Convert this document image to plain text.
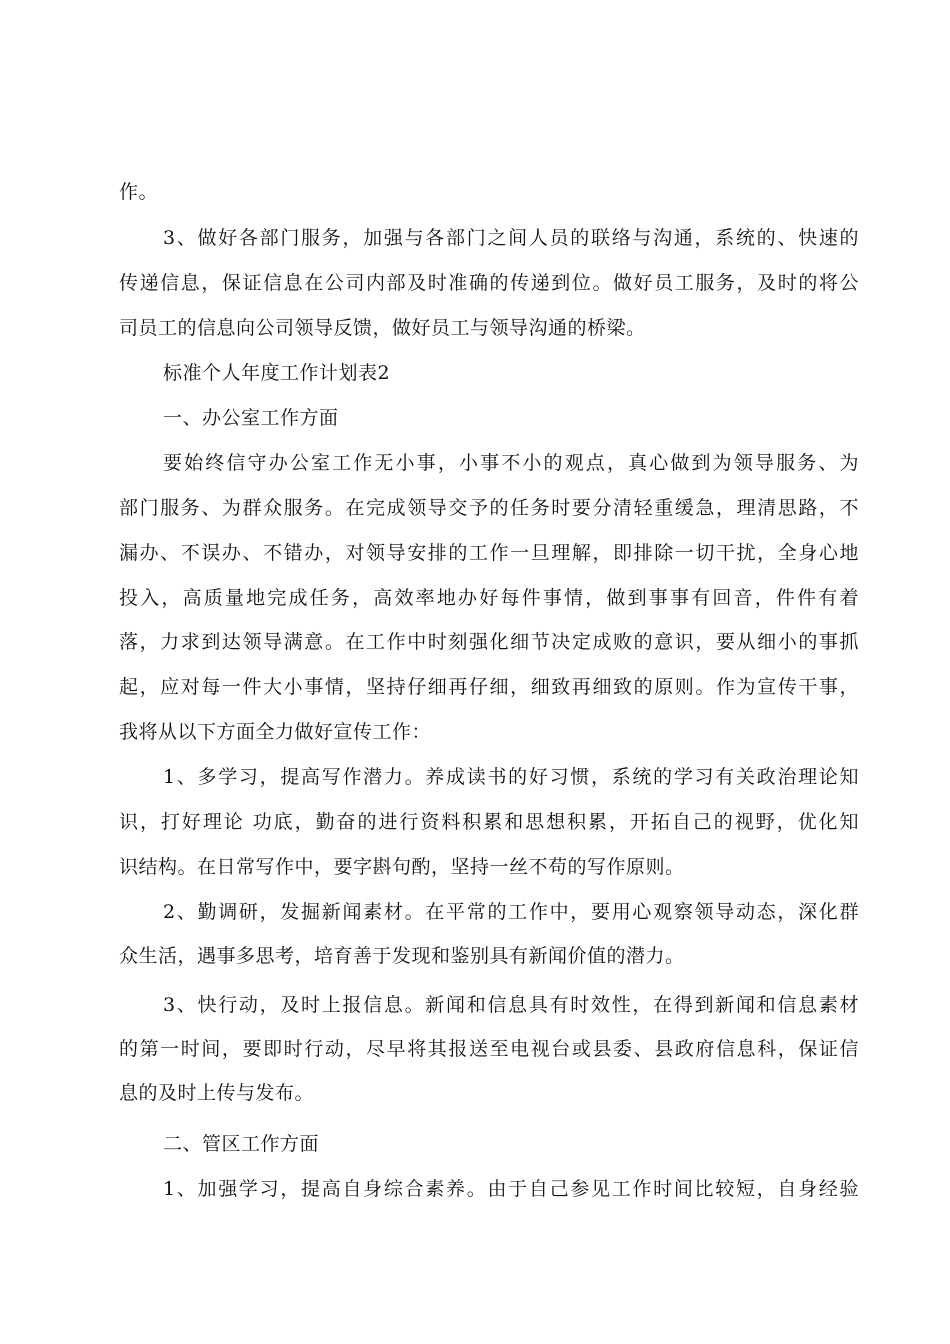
作。
3、做好各部门服务，加强与各部门之间人员的联络与沟通，系统的、快速的
传递信息，保证信息在公司内部及时准确的传递到位。做好员工服务，及时的将公
司员工的信息向公司领导反馈，做好员工与领导沟通的桥梁。
标准个人年度工作计划表2
一、办公室工作方面
要始终信守办公室工作无小事，小事不小的观点，真心做到为领导服务、为
部门服务、为群众服务。在完成领导交予的任务时要分清轻重缓急，理清思路，不
漏办、不误办、不错办，对领导安排的工作一旦理解，即排除一切干扰，全身心地
投入，高质量地完成任务，高效率地办好每件事情，做到事事有回音，件件有着
落，力求到达领导满意。在工作中时刻强化细节决定成败的意识，要从细小的事抓
起，应对每一件大小事情，坚持仔细再仔细，细致再细致的原则。作为宣传干事，
我将从以下方面全力做好宣传工作：
1、多学习，提高写作潜力。养成读书的好习惯，系统的学习有关政治理论知
识，打好理论 功底，勤奋的进行资料积累和思想积累，开拓自己的视野，优化知
识结构。在日常写作中，要字斟句酌，坚持一丝不苟的写作原则。
2、勤调研，发掘新闻素材。在平常的工作中，要用心观察领导动态，深化群
众生活，遇事多思考，培育善于发现和鉴别具有新闻价值的潜力。
3、快行动，及时上报信息。新闻和信息具有时效性，在得到新闻和信息素材
的第一时间，要即时行动，尽早将其报送至电视台或县委、县政府信息科，保证信
息的及时上传与发布。
二、管区工作方面
1、加强学习，提高自身综合素养。由于自己参见工作时间比较短，自身经验
